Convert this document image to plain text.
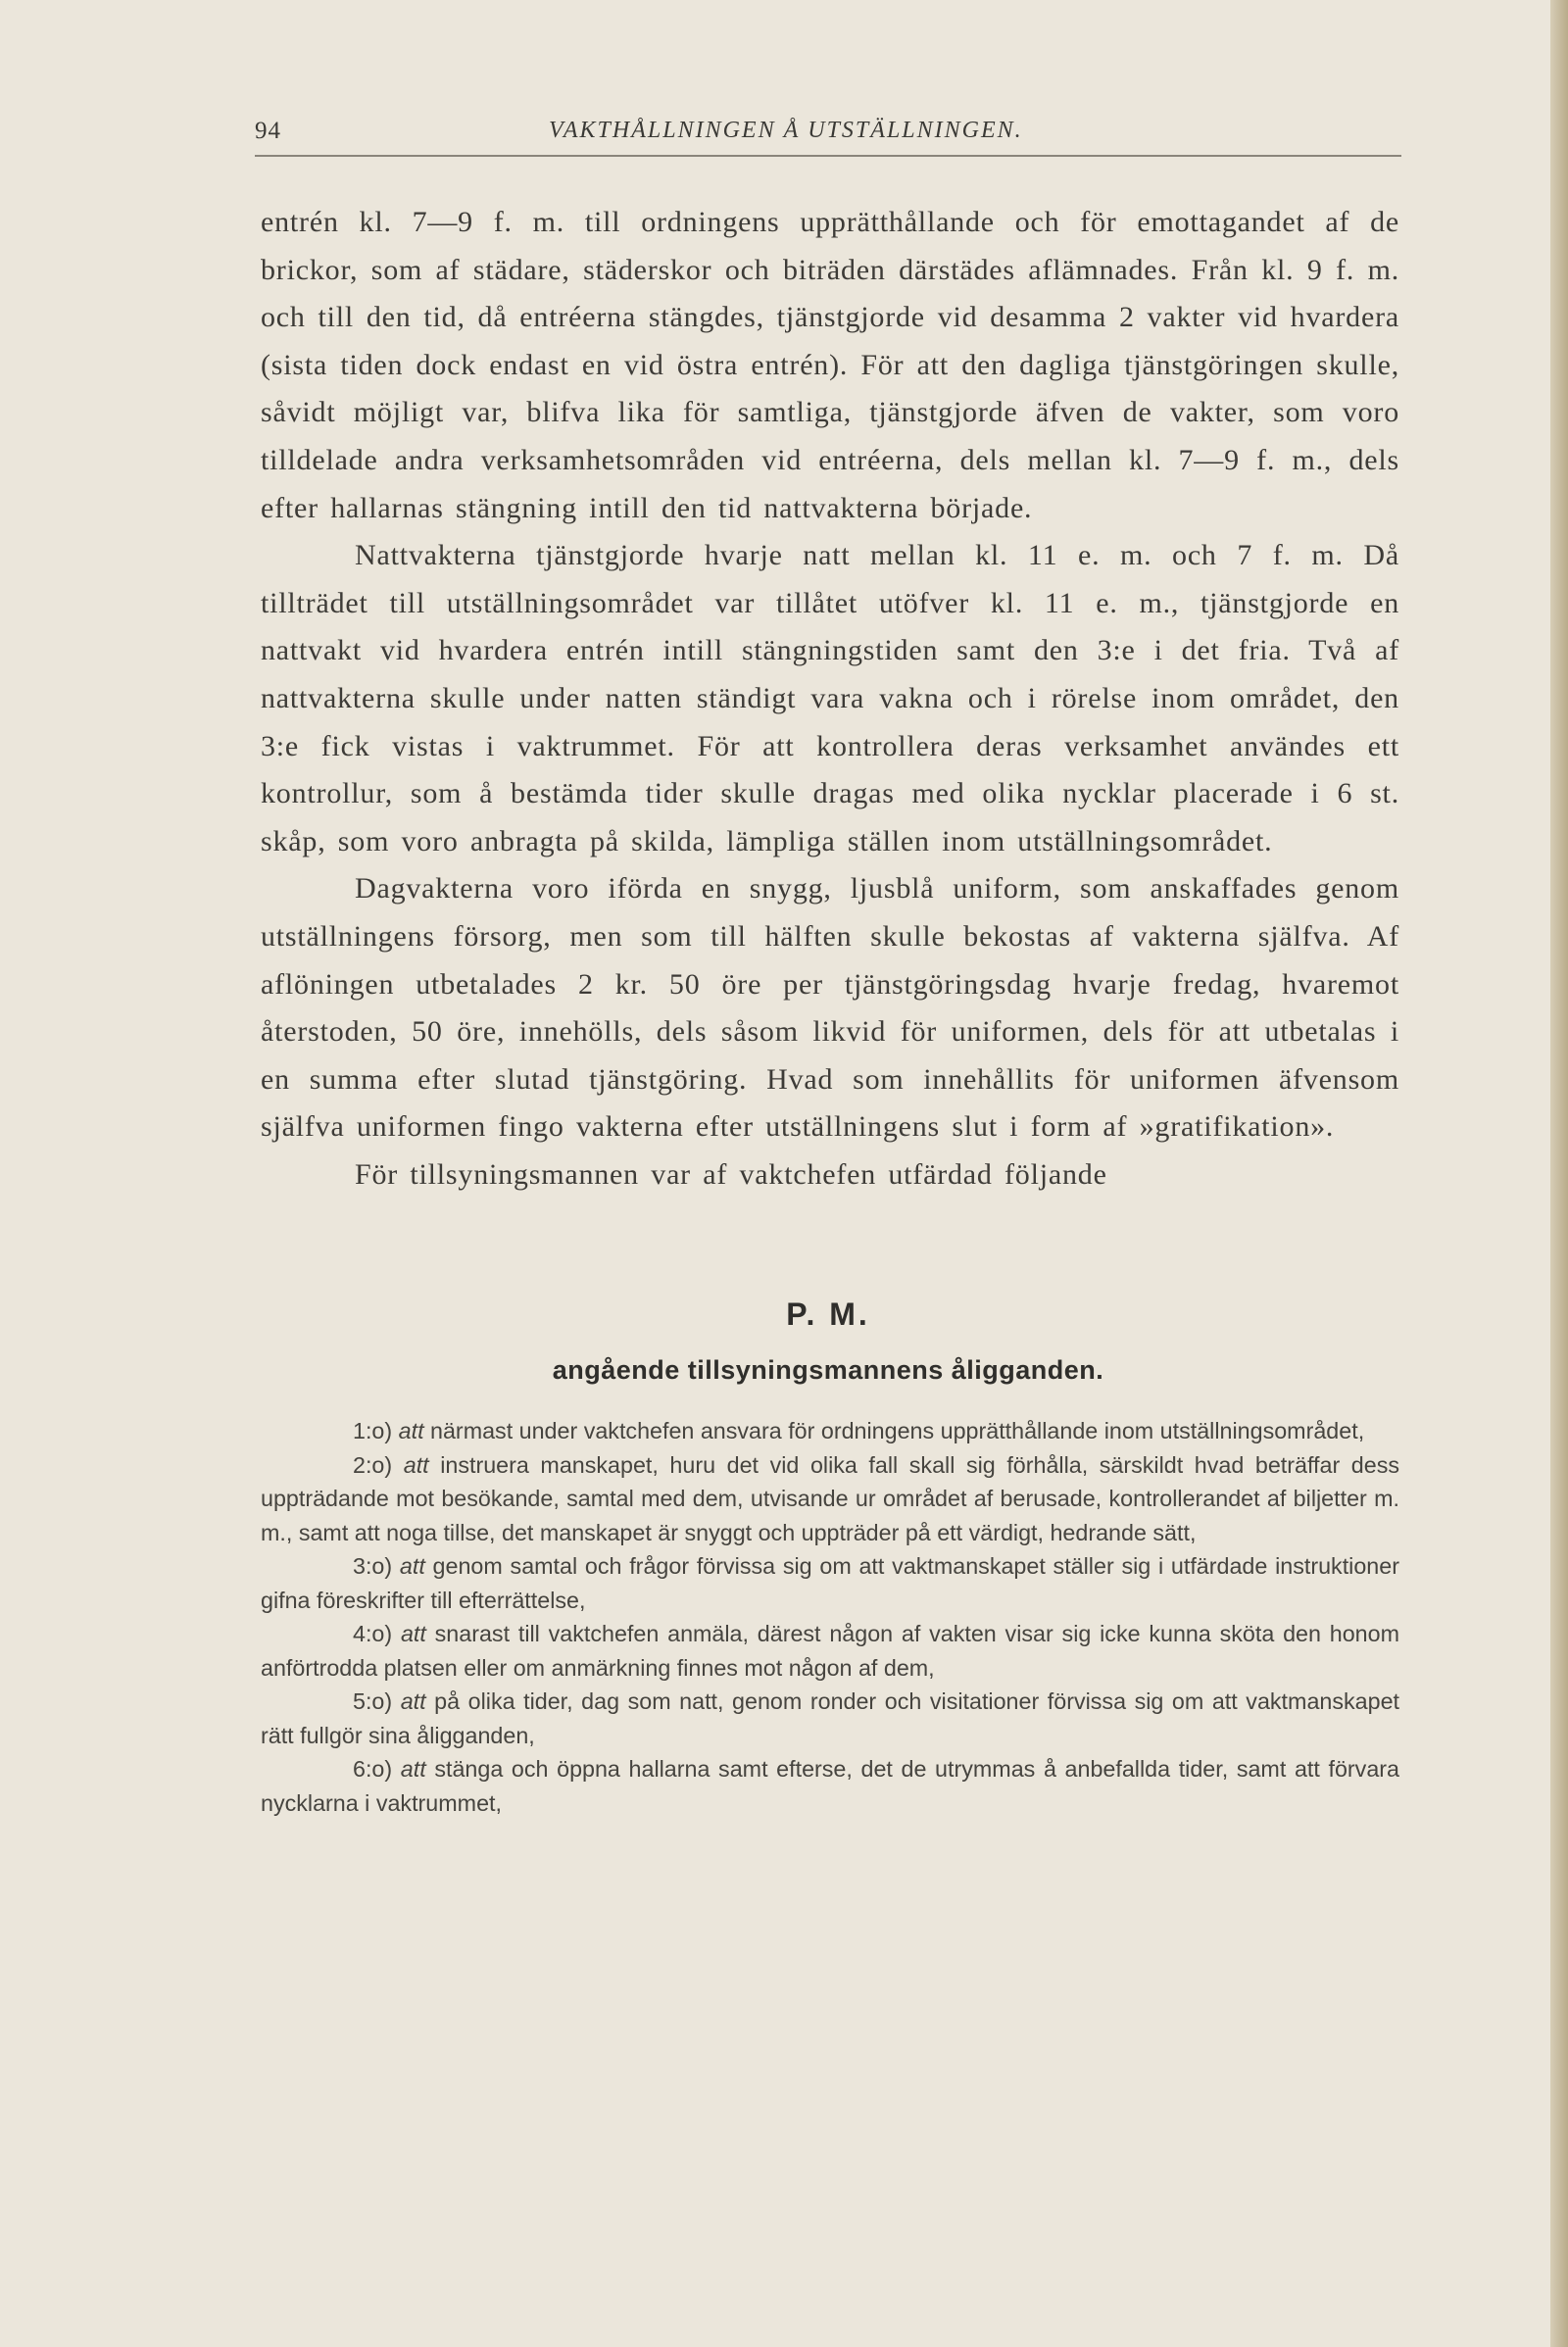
94	VAKTHÅLLNINGEN Å UTSTÄLLNINGEN.

entrén kl. 7—9 f. m. till ordningens upprätthållande och för emottagandet af de brickor, som af städare, städerskor och biträden därstädes aflämnades. Från kl. 9 f. m. och till den tid, då entréerna stängdes, tjänstgjorde vid desamma 2 vakter vid hvardera (sista tiden dock endast en vid östra entrén). För att den dagliga tjänstgöringen skulle, såvidt möjligt var, blifva lika för samtliga, tjänstgjorde äfven de vakter, som voro tilldelade andra verksamhetsområden vid entréerna, dels mellan kl. 7—9 f. m., dels efter hallarnas stängning intill den tid nattvakterna började.

Nattvakterna tjänstgjorde hvarje natt mellan kl. 11 e. m. och 7 f. m. Då tillträdet till utställningsområdet var tillåtet utöfver kl. 11 e. m., tjänstgjorde en nattvakt vid hvardera entrén intill stängningstiden samt den 3:e i det fria. Två af nattvakterna skulle under natten ständigt vara vakna och i rörelse inom området, den 3:e fick vistas i vaktrummet. För att kontrollera deras verksamhet användes ett kontrollur, som å bestämda tider skulle dragas med olika nycklar placerade i 6 st. skåp, som voro anbragta på skilda, lämpliga ställen inom utställningsområdet.

Dagvakterna voro iförda en snygg, ljusblå uniform, som anskaffades genom utställningens försorg, men som till hälften skulle bekostas af vakterna själfva. Af aflöningen utbetalades 2 kr. 50 öre per tjänstgöringsdag hvarje fredag, hvaremot återstoden, 50 öre, innehölls, dels såsom likvid för uniformen, dels för att utbetalas i en summa efter slutad tjänstgöring. Hvad som innehållits för uniformen äfvensom själfva uniformen fingo vakterna efter utställningens slut i form af »gratifikation».

För tillsyningsmannen var af vaktchefen utfärdad följande

P. M.
angående tillsyningsmannens åligganden.

1:o) att närmast under vaktchefen ansvara för ordningens upprätthållande inom utställningsområdet,

2:o) att instruera manskapet, huru det vid olika fall skall sig förhålla, särskildt hvad beträffar dess uppträdande mot besökande, samtal med dem, utvisande ur området af berusade, kontrollerandet af biljetter m. m., samt att noga tillse, det manskapet är snyggt och uppträder på ett värdigt, hedrande sätt,

3:o) att genom samtal och frågor förvissa sig om att vaktmanskapet ställer sig i utfärdade instruktioner gifna föreskrifter till efterrättelse,

4:o) att snarast till vaktchefen anmäla, därest någon af vakten visar sig icke kunna sköta den honom anförtrodda platsen eller om anmärkning finnes mot någon af dem,

5:o) att på olika tider, dag som natt, genom ronder och visitationer förvissa sig om att vaktmanskapet rätt fullgör sina åligganden,

6:o) att stänga och öppna hallarna samt efterse, det de utrymmas å anbefallda tider, samt att förvara nycklarna i vaktrummet,
